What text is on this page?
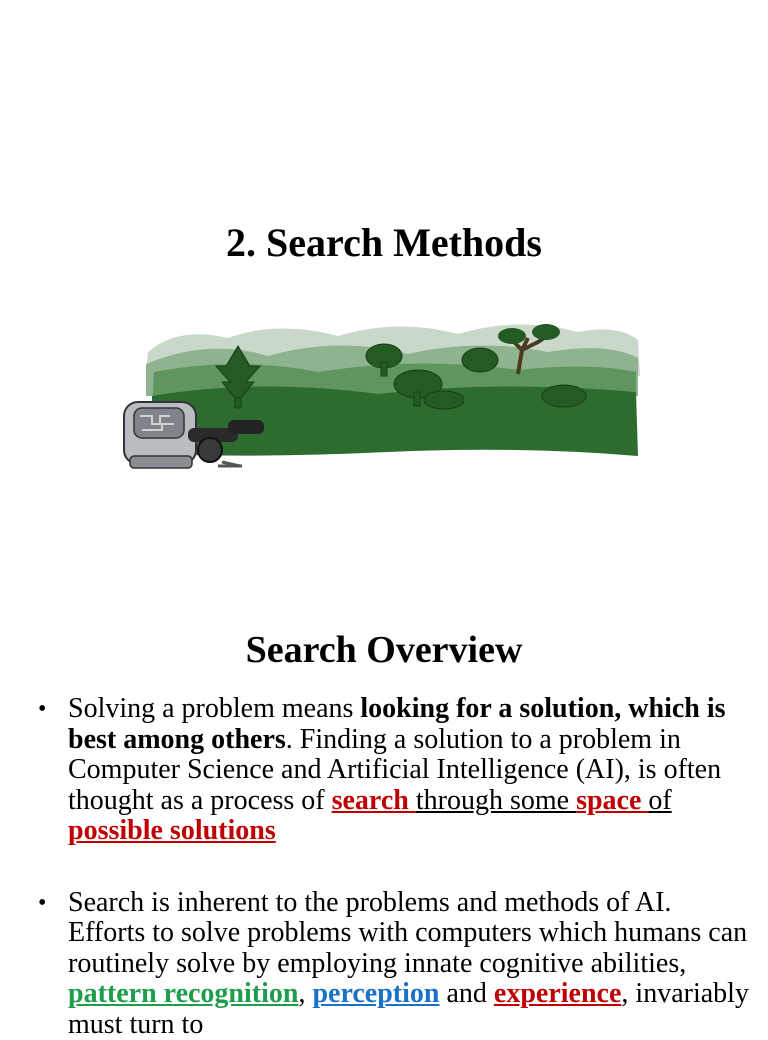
2. Search Methods
Search Overview
• Solving a problem means looking for a solution, which is best among others. Finding a solution to a problem in Computer Science and Artificial Intelligence (AI), is often thought as a process of search through some space of possible solutions
• Search is inherent to the problems and methods of AI. Efforts to solve problems with computers which humans can routinely solve by employing innate cognitive abilities, pattern recognition, perception and experience, invariably must turn to
